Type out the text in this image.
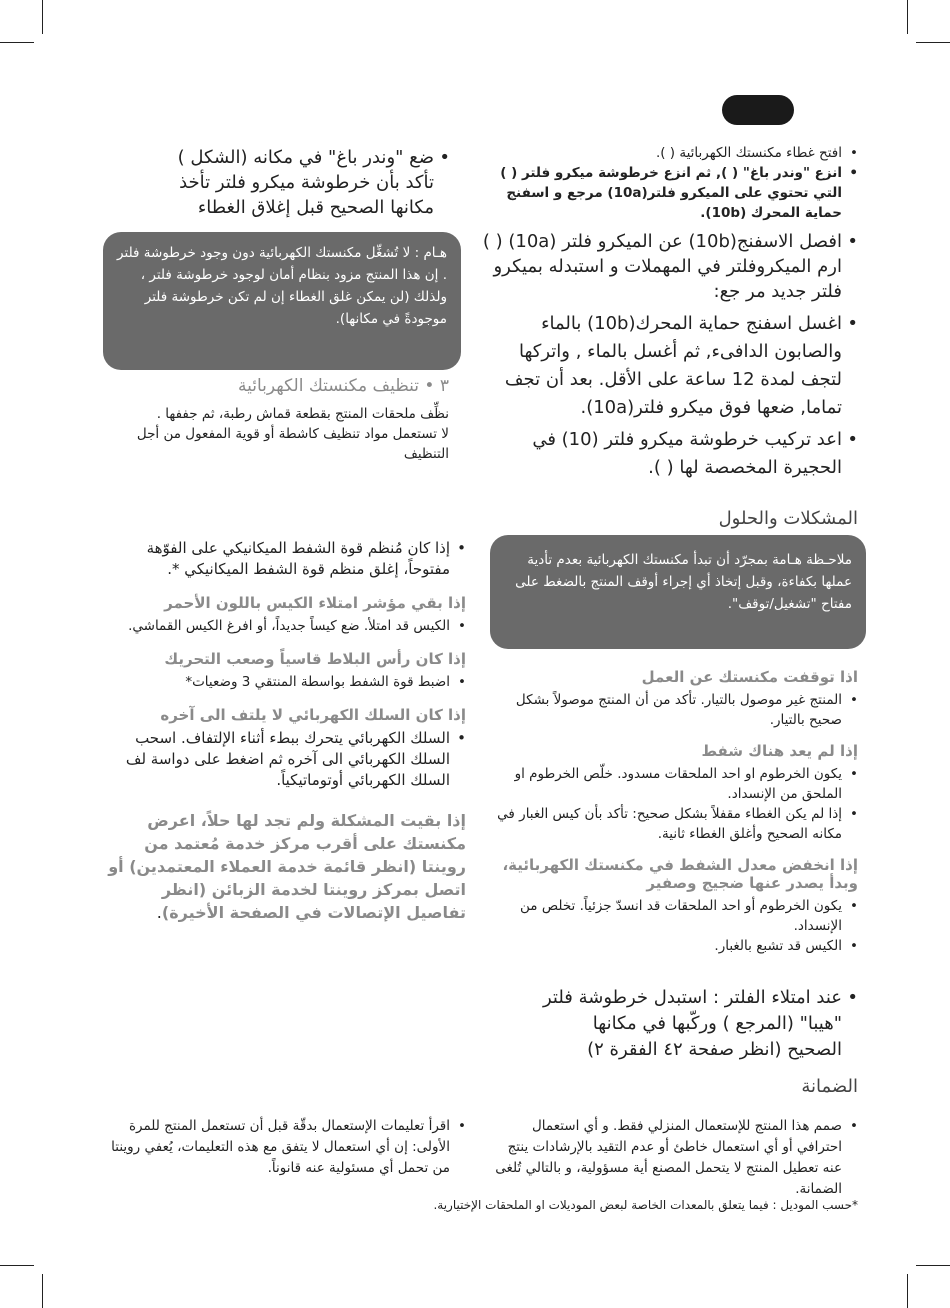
• افتح غطاء مكنستك الكهربائية ( ).
• انزع "وندر باغ" ( ), ثم انزع خرطوشة ميكرو فلتر ( ) التي تحتوي على الميكرو فلتر(10a) مرجع و اسفنج حماية المحرك (10b).
• افصل الاسفنج(10b) عن الميكرو فلتر (10a) ( ) ارم الميكروفلتر في المهملات و استبدله بميكرو فلتر جديد مر جع:
• اغسل اسفنج حماية المحرك(10b) بالماء والصابون الدافىء, ثم أغسل بالماء , واتركها لتجف لمدة 12 ساعة على الأقل. بعد أن تجف تماما, ضعها فوق ميكرو فلتر(10a).
• اعد تركيب خرطوشة ميكرو فلتر (10) في الحجيرة المخصصة لها ( ).
• ضع "وندر باغ" في مكانه (الشكل ) تأكد بأن خرطوشة ميكرو فلتر تأخذ مكانها الصحيح قبل إغلاق الغطاء

هـام : لا تُشغِّل مكنستك الكهربائية دون وجود خرطوشة فلتر . إن هذا المنتج مزود بنظام أمان لوجود خرطوشة فلتر ، ولذلك (لن يمكن غلق الغطاء إن لم تكن خرطوشة فلتر موجودةً في مكانها).

٣ • تنظيف مكنستك الكهربائية

نظِّف ملحقات المنتج بقطعة قماش رطبة، ثم جففها .

لا تستعمل مواد تنظيف كاشطة أو قوية المفعول من أجل التنظيف

المشكلات والحلول

ملاحـظة هـامة بمجرّد أن تبدأ مكنستك الكهربائية بعدم تأدية عملها بكفاءة، وقبل إتخاذ أي إجراء أوقف المنتج بالضغط على مفتاح "تشغيل/توقف".

اذا توقفت مكنستك عن العمل

• المنتج غير موصول بالتيار. تأكد من أن المنتج موصولاً بشكل صحيح بالتيار.

إذا لم يعد هناك شفط

• يكون الخرطوم او احد الملحقات مسدود. خلّص الخرطوم او الملحق من الإنسداد.
• إذا لم يكن الغطاء مقفلاً بشكل صحيح: تأكد بأن كيس الغبار في مكانه الصحيح وأغلق الغطاء ثانية.

إذا انخفض معدل الشفط في مكنستك الكهربائية، وبدأ يصدر عنها ضجيج وصفير

• يكون الخرطوم أو احد الملحقات قد انسدّ جزئياً. تخلص من الإنسداد.
• الكيس قد تشبع بالغبار.
• عند امتلاء الفلتر : استبدل خرطوشة فلتر "هيبا" (المرجع ) وركّبها في مكانها الصحيح (انظر صفحة ٤٢ الفقرة ٢)
• إذا كان مُنظم قوة الشفط الميكانيكي على الفوّهة مفتوحاً، إغلق منظم قوة الشفط الميكانيكي *.

إذا بقي مؤشر امتلاء الكيس باللون الأحمر

• الكيس قد امتلأ. ضع كيساً جديداً، أو افرغ الكيس القماشي.

إذا كان رأس البلاط قاسياً وصعب التحريك

• اضبط قوة الشفط بواسطة المنتقي 3 وضعيات*

إذا كان السلك الكهربائي لا يلتف الى آخره

• السلك الكهربائي يتحرك ببطء أثناء الإلتفاف. اسحب السلك الكهربائي الى آخره ثم اضغط على دواسة لف السلك الكهربائي أوتوماتيكياً.

إذا بقيت المشكلة ولم تجد لها حلاً، اعرض مكنستك على أقرب مركز خدمة مُعتمد من روينتا (انظر قائمة خدمة العملاء المعتمدين) أو اتصل بمركز روينتا لخدمة الزبائن (انظر تفاصيل الإتصالات في الصفحة الأخيرة).

الضمانة
• صمم هذا المنتج للإستعمال المنزلي فقط. و أي استعمال احترافي أو أي استعمال خاطئ أو عدم التقيد بالإرشادات ينتج عنه تعطيل المنتج لا يتحمل المصنع أية مسؤولية، و بالتالي تُلغى الضمانة.
• اقرأ تعليمات الإستعمال بدقّة قبل أن تستعمل المنتج للمرة الأولى: إن أي استعمال لا يتفق مع هذه التعليمات، يُعفي روينتا من تحمل أي مسئولية عنه قانوناً.
*حسب الموديل : فيما يتعلق بالمعدات الخاصة لبعض الموديلات او الملحقات الإختيارية.
